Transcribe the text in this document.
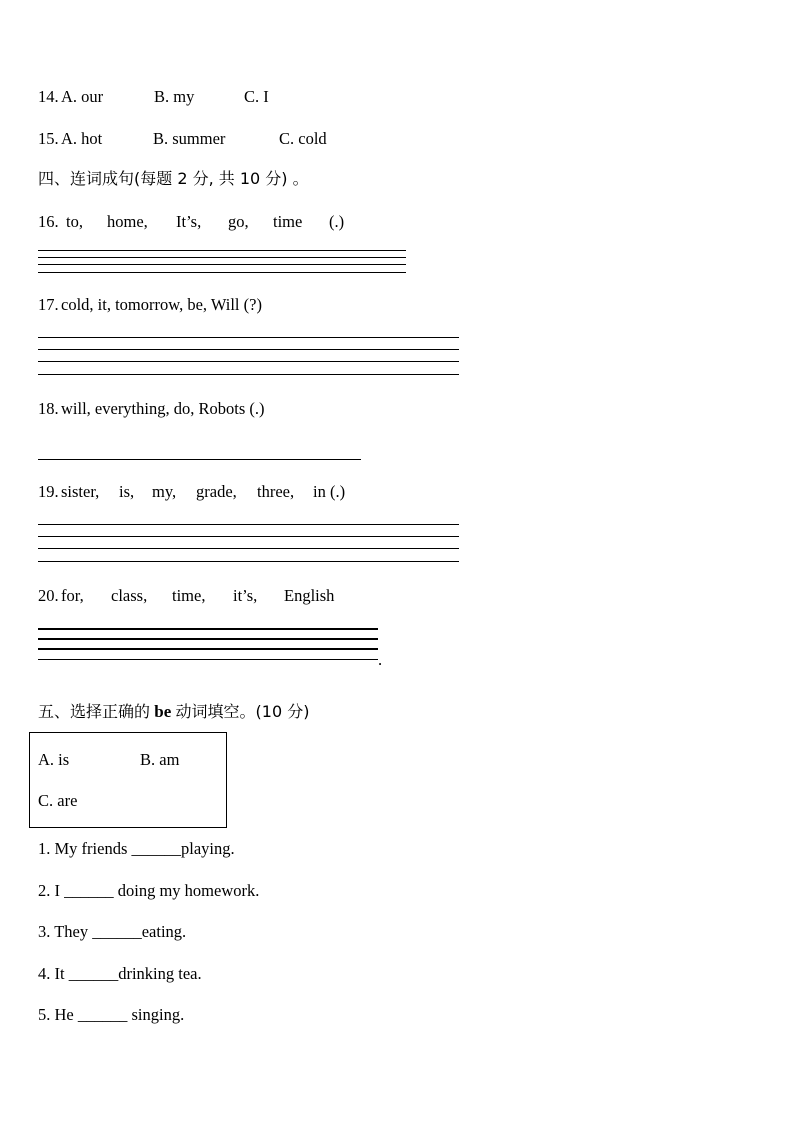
14. A. our	B. my	C. I
15. A. hot	B. summer	C. cold
四、连词成句(每题 2 分, 共 10 分) 。
16. to, home, It’s, go, time (.)
17. cold, it, tomorrow, be, Will (?)
18. will, everything, do, Robots (.)
19. sister, is, my, grade, three, in (.)
20. for, class, time, it’s, English
.
五、选择正确的 be 动词填空。(10 分)
A. is	B. am
C. are
1. My friends ______playing.
2. I ______ doing my homework.
3. They ______eating.
4. It ______drinking tea.
5. He ______ singing.
